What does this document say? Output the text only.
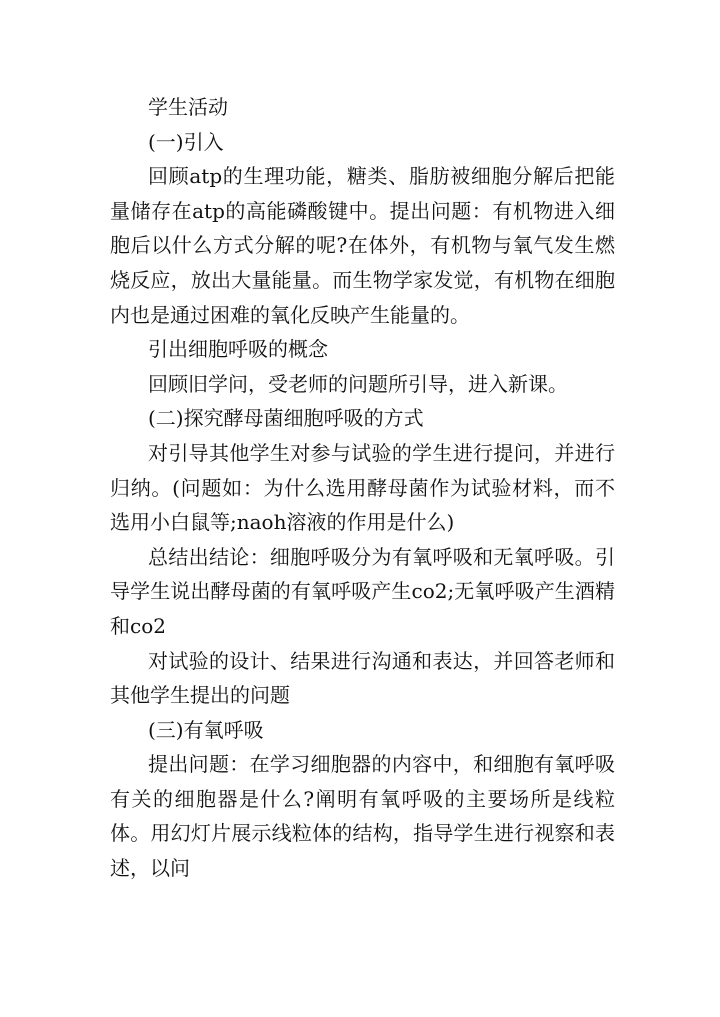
学生活动

(一)引入

回顾atp的生理功能，糖类、脂肪被细胞分解后把能量储存在atp的高能磷酸键中。提出问题：有机物进入细胞后以什么方式分解的呢?在体外，有机物与氧气发生燃烧反应，放出大量能量。而生物学家发觉，有机物在细胞内也是通过困难的氧化反映产生能量的。

引出细胞呼吸的概念

回顾旧学问，受老师的问题所引导，进入新课。

(二)探究酵母菌细胞呼吸的方式

对引导其他学生对参与试验的学生进行提问，并进行归纳。(问题如：为什么选用酵母菌作为试验材料，而不选用小白鼠等;naoh溶液的作用是什么)

总结出结论：细胞呼吸分为有氧呼吸和无氧呼吸。引导学生说出酵母菌的有氧呼吸产生co2;无氧呼吸产生酒精和co2

对试验的设计、结果进行沟通和表达，并回答老师和其他学生提出的问题

(三)有氧呼吸

提出问题：在学习细胞器的内容中，和细胞有氧呼吸有关的细胞器是什么?阐明有氧呼吸的主要场所是线粒体。用幻灯片展示线粒体的结构，指导学生进行视察和表述，以问
